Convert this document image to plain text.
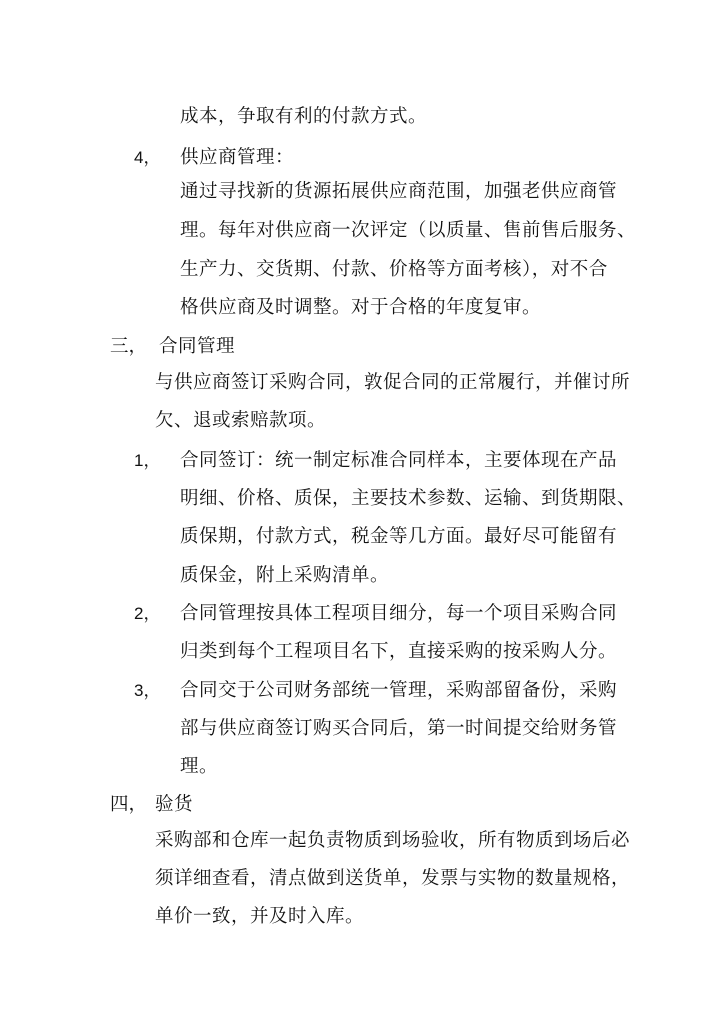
成本，争取有利的付款方式。
4， 供应商管理：
通过寻找新的货源拓展供应商范围，加强老供应商管
理。每年对供应商一次评定（以质量、售前售后服务、
生产力、交货期、付款、价格等方面考核），对不合
格供应商及时调整。对于合格的年度复审。
三， 合同管理
与供应商签订采购合同，敦促合同的正常履行，并催讨所
欠、退或索赔款项。
1， 合同签订：统一制定标准合同样本，主要体现在产品
明细、价格、质保，主要技术参数、运输、到货期限、
质保期，付款方式，税金等几方面。最好尽可能留有
质保金，附上采购清单。
2， 合同管理按具体工程项目细分，每一个项目采购合同
归类到每个工程项目名下，直接采购的按采购人分。
3， 合同交于公司财务部统一管理，采购部留备份，采购
部与供应商签订购买合同后，第一时间提交给财务管
理。
四， 验货
采购部和仓库一起负责物质到场验收，所有物质到场后必
须详细查看，清点做到送货单，发票与实物的数量规格，
单价一致，并及时入库。
